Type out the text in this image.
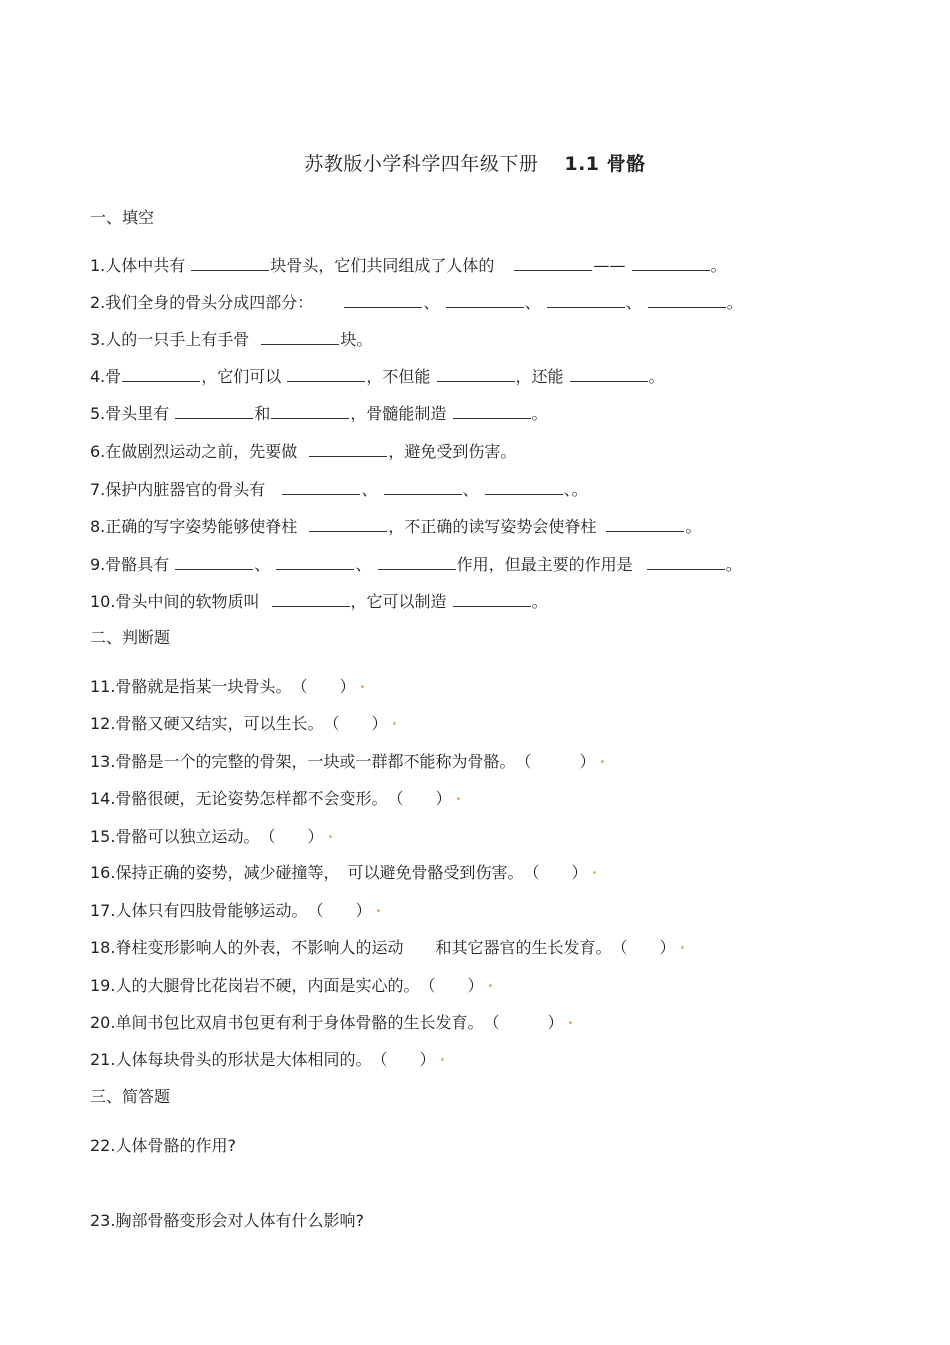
苏教版小学科学四年级下册 1.1 骨骼
一、填空
1.人体中共有	块骨头，它们共同组成了人体的	——	。
2.我们全身的骨头分成四部分：	、	、	、	。
3.人的一只手上有手骨	块。
4.骨	，它们可以	，不但能	，还能	。
5.骨头里有	和	，骨髓能制造	。
6.在做剧烈运动之前，先要做	，避免受到伤害。
7.保护内脏器官的骨头有	、	、	、。
8.正确的写字姿势能够使脊柱	，不正确的读写姿势会使脊柱	。
9.骨骼具有	、	、	作用，但最主要的作用是	。
10.骨头中间的软物质叫	，它可以制造	。
二、判断题
11.骨骼就是指某一块骨头。（　　） •
12.骨骼又硬又结实，可以生长。（　　） •
13.骨骼是一个的完整的骨架，一块或一群都不能称为骨骼。（　　　） •
14.骨骼很硬，无论姿势怎样都不会变形。（　　） •
15.骨骼可以独立运动。（　　） •
16.保持正确的姿势，减少碰撞等，　可以避免骨骼受到伤害。（　　） •
17.人体只有四肢骨能够运动。（　　） •
18.脊柱变形影响人的外表，不影响人的运动　　和其它器官的生长发育。（　　） •
19.人的大腿骨比花岗岩不硬，内面是实心的。（　　） •
20.单间书包比双肩书包更有利于身体骨骼的生长发育。（　　　） •
21.人体每块骨头的形状是大体相同的。（　　） •
三、简答题
22.人体骨骼的作用?
23.胸部骨骼变形会对人体有什么影响?
